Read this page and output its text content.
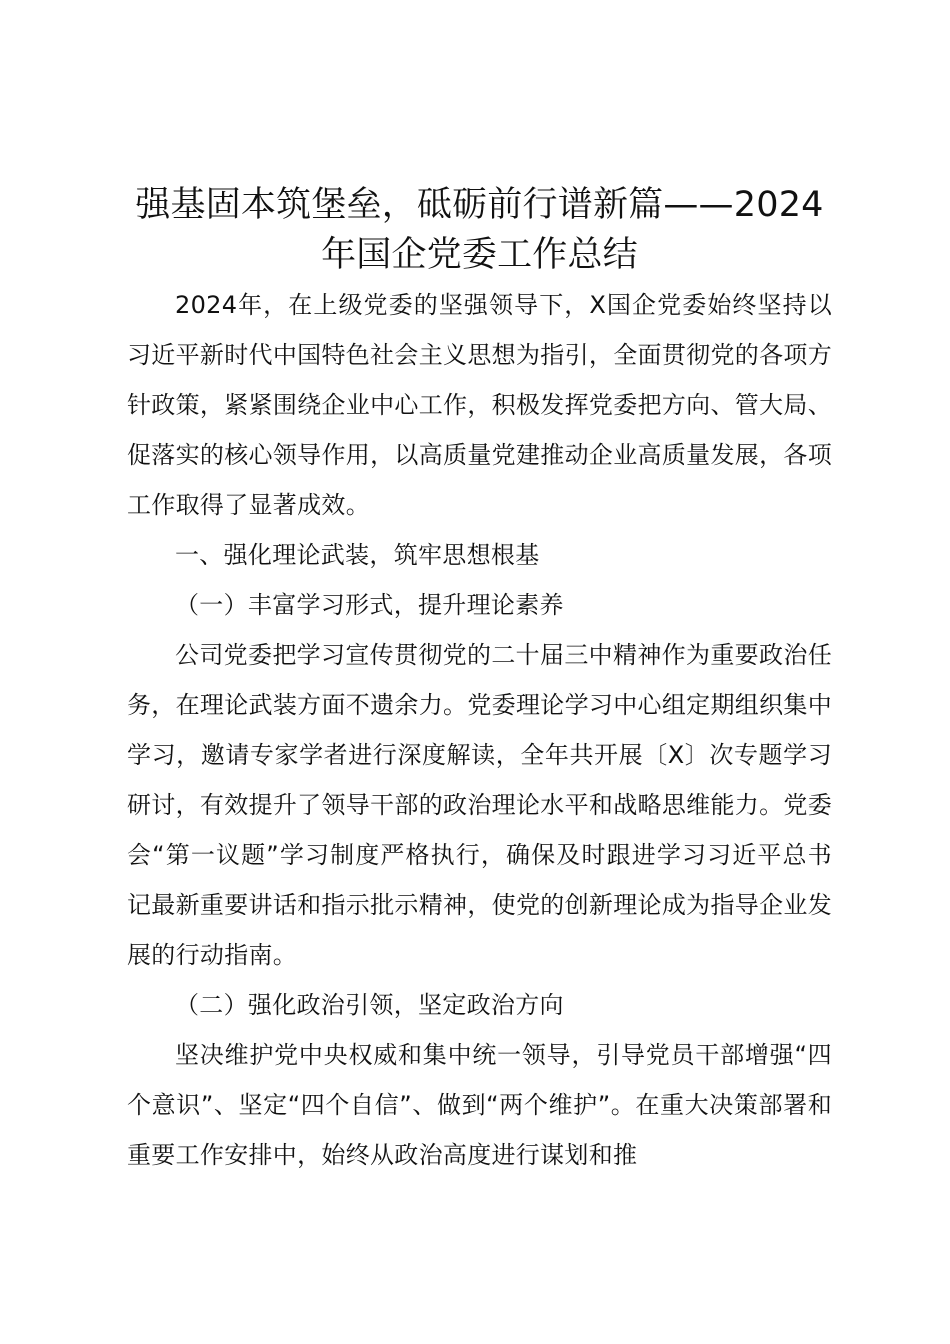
强基固本筑堡垒，砥砺前行谱新篇——2024年国企党委工作总结

2024年，在上级党委的坚强领导下，X国企党委始终坚持以习近平新时代中国特色社会主义思想为指引，全面贯彻党的各项方针政策，紧紧围绕企业中心工作，积极发挥党委把方向、管大局、促落实的核心领导作用，以高质量党建推动企业高质量发展，各项工作取得了显著成效。

一、强化理论武装，筑牢思想根基

（一）丰富学习形式，提升理论素养

公司党委把学习宣传贯彻党的二十届三中精神作为重要政治任务，在理论武装方面不遗余力。党委理论学习中心组定期组织集中学习，邀请专家学者进行深度解读，全年共开展〔X〕次专题学习研讨，有效提升了领导干部的政治理论水平和战略思维能力。党委会“第一议题”学习制度严格执行，确保及时跟进学习习近平总书记最新重要讲话和指示批示精神，使党的创新理论成为指导企业发展的行动指南。

（二）强化政治引领，坚定政治方向

坚决维护党中央权威和集中统一领导，引导党员干部增强“四个意识”、坚定“四个自信”、做到“两个维护”。在重大决策部署和重要工作安排中，始终从政治高度进行谋划和推
